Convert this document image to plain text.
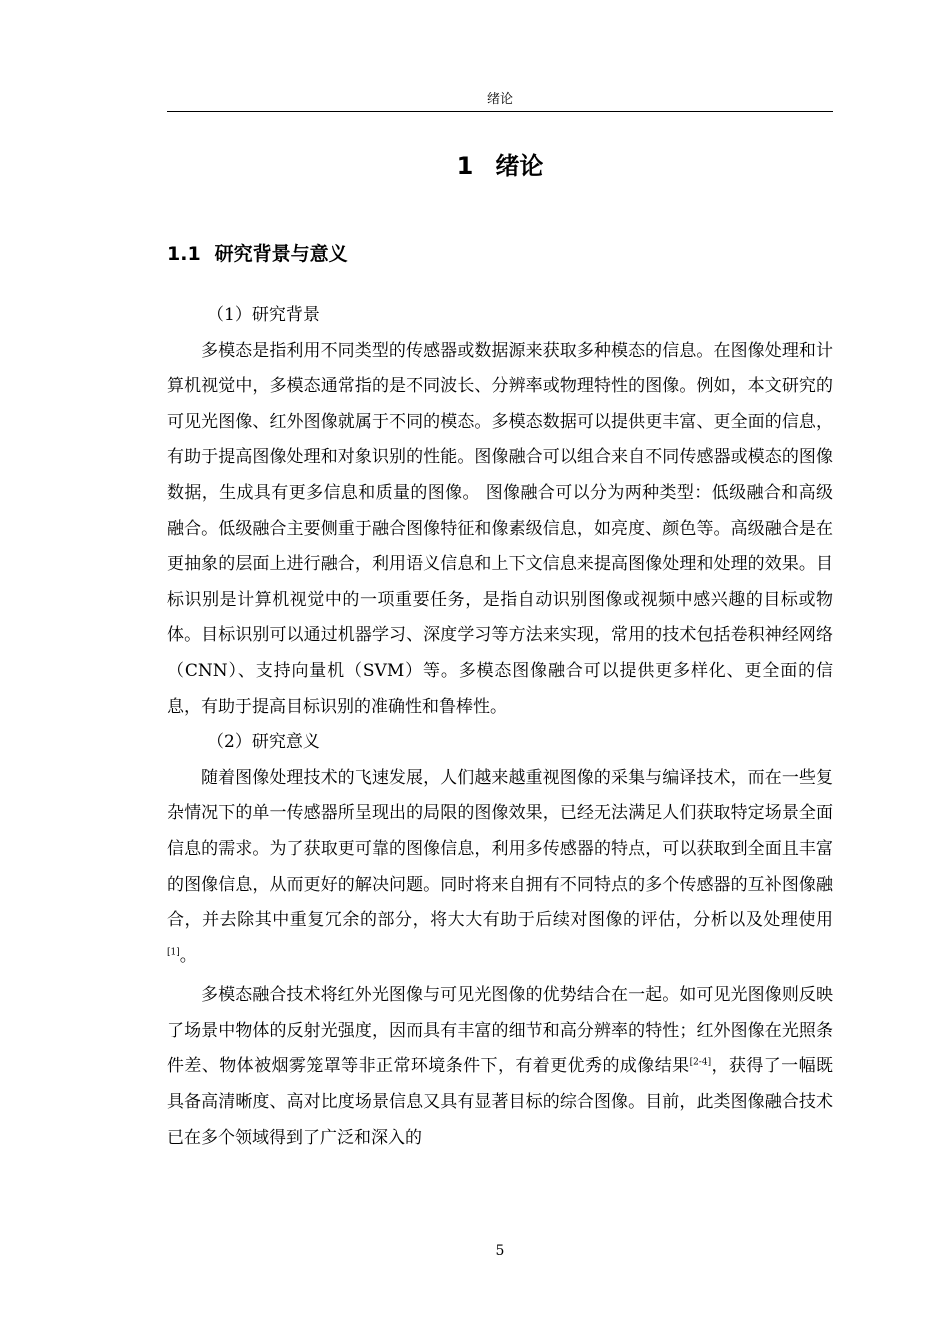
绪论
1 绪论
1.1 研究背景与意义

（1）研究背景

多模态是指利用不同类型的传感器或数据源来获取多种模态的信息。在图像处理和计算机视觉中，多模态通常指的是不同波长、分辨率或物理特性的图像。例如，本文研究的可见光图像、红外图像就属于不同的模态。多模态数据可以提供更丰富、更全面的信息，有助于提高图像处理和对象识别的性能。图像融合可以组合来自不同传感器或模态的图像数据，生成具有更多信息和质量的图像。 图像融合可以分为两种类型：低级融合和高级融合。低级融合主要侧重于融合图像特征和像素级信息，如亮度、颜色等。高级融合是在更抽象的层面上进行融合，利用语义信息和上下文信息来提高图像处理和处理的效果。目标识别是计算机视觉中的一项重要任务，是指自动识别图像或视频中感兴趣的目标或物体。目标识别可以通过机器学习、深度学习等方法来实现，常用的技术包括卷积神经网络（CNN）、支持向量机（SVM）等。多模态图像融合可以提供更多样化、更全面的信息，有助于提高目标识别的准确性和鲁棒性。

（2）研究意义

随着图像处理技术的飞速发展，人们越来越重视图像的采集与编译技术，而在一些复杂情况下的单一传感器所呈现出的局限的图像效果，已经无法满足人们获取特定场景全面信息的需求。为了获取更可靠的图像信息，利用多传感器的特点，可以获取到全面且丰富的图像信息，从而更好的解决问题。同时将来自拥有不同特点的多个传感器的互补图像融合，并去除其中重复冗余的部分，将大大有助于后续对图像的评估，分析以及处理使用[1]。

多模态融合技术将红外光图像与可见光图像的优势结合在一起。如可见光图像则反映了场景中物体的反射光强度，因而具有丰富的细节和高分辨率的特性；红外图像在光照条件差、物体被烟雾笼罩等非正常环境条件下，有着更优秀的成像结果[2-4]，获得了一幅既具备高清晰度、高对比度场景信息又具有显著目标的综合图像。目前，此类图像融合技术已在多个领域得到了广泛和深入的

5
